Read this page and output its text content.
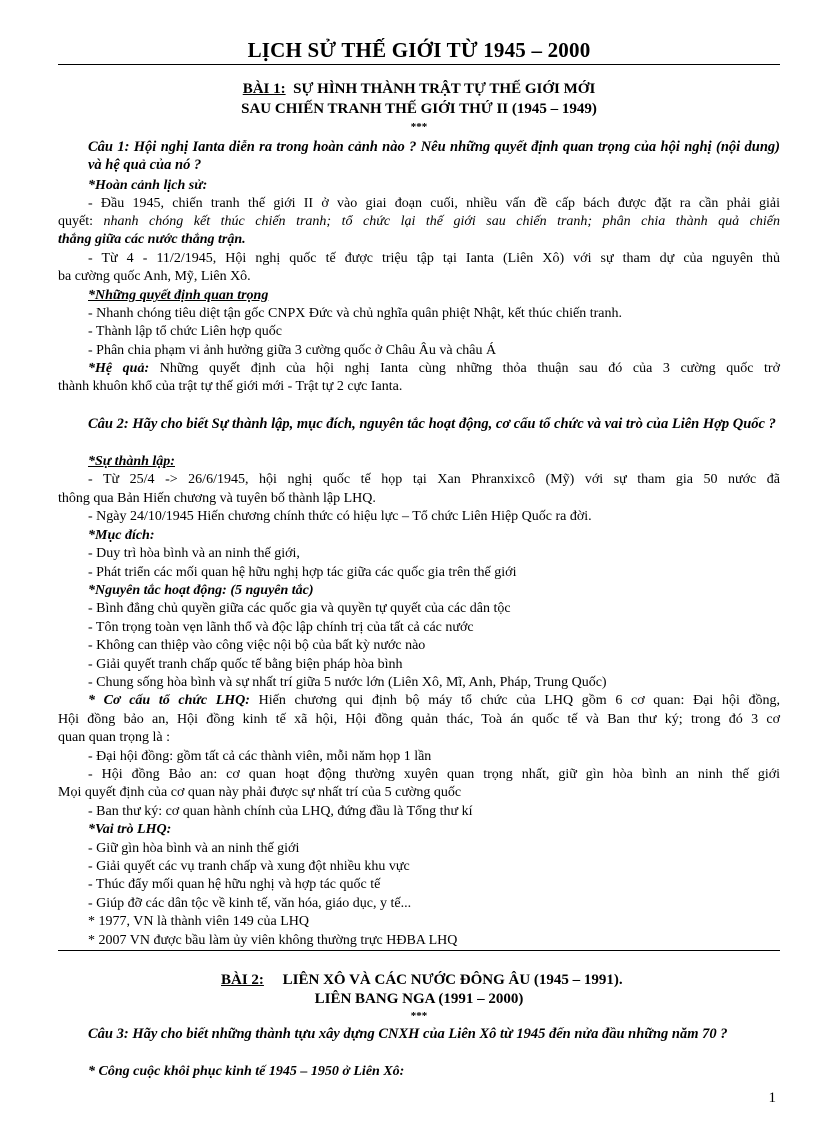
LỊCH SỬ THẾ GIỚI TỪ 1945 – 2000
BÀI 1: SỰ HÌNH THÀNH TRẬT TỰ THẾ GIỚI MỚI
SAU CHIẾN TRANH THẾ GIỚI THỨ II (1945 – 1949)
***
Câu 1: Hội nghị Ianta diễn ra trong hoàn cảnh nào ? Nêu những quyết định quan trọng của hội nghị (nội dung) và hệ quả của nó ?
*Hoàn cảnh lịch sử:
- Đầu 1945, chiến tranh thế giới II ở vào giai đoạn cuối, nhiều vấn đề cấp bách được đặt ra cần phải giải
quyết: nhanh chóng kết thúc chiến tranh; tổ chức lại thế giới sau chiến tranh; phân chia thành quả chiến
thắng giữa các nước thắng trận.
- Từ 4 - 11/2/1945, Hội nghị quốc tế được triệu tập tại Ianta (Liên Xô) với sự tham dự của nguyên thủ
ba cường quốc Anh, Mỹ, Liên Xô.
*Những quyết định quan trọng
- Nhanh chóng tiêu diệt tận gốc CNPX Đức và chủ nghĩa quân phiệt Nhật, kết thúc chiến tranh.
- Thành lập tổ chức Liên hợp quốc
- Phân chia phạm vi ảnh hưởng giữa 3 cường quốc ở Châu Âu và châu Á
*Hệ quả: Những quyết định của hội nghị Ianta cùng những thỏa thuận sau đó của 3 cường quốc trở
thành khuôn khổ của trật tự thế giới mới - Trật tự 2 cực Ianta.
Câu 2: Hãy cho biết Sự thành lập, mục đích, nguyên tắc hoạt động, cơ cấu tổ chức và vai trò của Liên Hợp Quốc ?
*Sự thành lập:
- Từ 25/4 -> 26/6/1945, hội nghị quốc tế họp tại Xan Phranxixcô (Mỹ) với sự tham gia 50 nước đã
thông qua Bản Hiến chương và tuyên bố thành lập LHQ.
- Ngày 24/10/1945 Hiến chương chính thức có hiệu lực – Tổ chức Liên Hiệp Quốc ra đời.
*Mục đích:
- Duy trì hòa bình và an ninh thế giới,
- Phát triển các mối quan hệ hữu nghị hợp tác giữa các quốc gia trên thế giới
*Nguyên tắc hoạt động: (5 nguyên tắc)
- Bình đẳng chủ quyền giữa các quốc gia và quyền tự quyết của các dân tộc
- Tôn trọng toàn vẹn lãnh thổ và độc lập chính trị của tất cả các nước
- Không can thiệp vào công việc nội bộ của bất kỳ nước nào
- Giải quyết tranh chấp quốc tế bằng biện pháp hòa bình
- Chung sống hòa bình và sự nhất trí giữa 5 nước lớn (Liên Xô, Mĩ, Anh, Pháp, Trung Quốc)
* Cơ cấu tổ chức LHQ: Hiến chương qui định bộ máy tổ chức của LHQ gồm 6 cơ quan: Đại hội đồng,
Hội đồng bảo an, Hội đồng kinh tế xã hội, Hội đồng quản thác, Toà án quốc tế và Ban thư ký; trong đó 3 cơ
quan quan trọng là :
- Đại hội đồng: gồm tất cả các thành viên, mỗi năm họp 1 lần
- Hội đồng Bảo an: cơ quan hoạt động thường xuyên quan trọng nhất, giữ gìn hòa bình an ninh thế giới
Mọi quyết định của cơ quan này phải được sự nhất trí của 5 cường quốc
- Ban thư ký: cơ quan hành chính của LHQ, đứng đầu là Tổng thư kí
*Vai trò LHQ:
- Giữ gìn hòa bình và an ninh thế giới
- Giải quyết các vụ tranh chấp và xung đột nhiều khu vực
- Thúc đẩy mối quan hệ hữu nghị và hợp tác quốc tế
- Giúp đỡ các dân tộc về kinh tế, văn hóa, giáo dục, y tế...
* 1977, VN là thành viên 149 của LHQ
* 2007 VN được bầu làm ủy viên không thường trực HĐBA LHQ
BÀI 2: LIÊN XÔ VÀ CÁC NƯỚC ĐÔNG ÂU (1945 – 1991).
LIÊN BANG NGA (1991 – 2000)
***
Câu 3: Hãy cho biết những thành tựu xây dựng CNXH của Liên Xô từ 1945 đến nửa đầu những năm 70 ?
* Công cuộc khôi phục kinh tế 1945 – 1950 ở Liên Xô:
1
